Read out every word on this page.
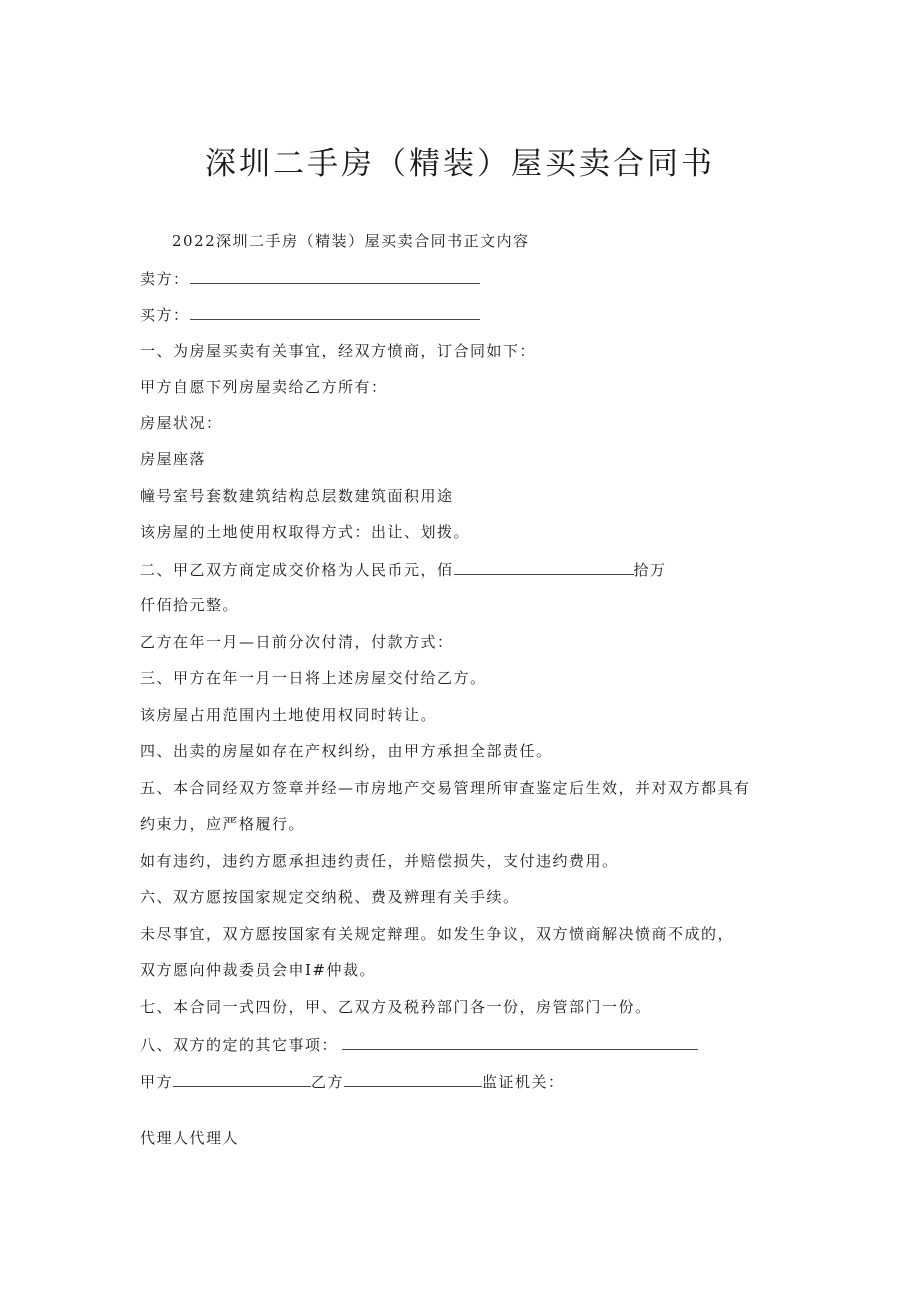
深圳二手房（精装）屋买卖合同书
2022深圳二手房（精装）屋买卖合同书正文内容
卖方：
买方：
一、为房屋买卖有关事宜，经双方愤商，订合同如下：
甲方自愿下列房屋卖给乙方所有：
房屋状况：
房屋座落
幢号室号套数建筑结构总层数建筑面积用途
该房屋的土地使用权取得方式：出让、划拨。
二、甲乙双方商定成交价格为人民币元，佰	拾万
仟佰拾元整。
乙方在年一月—日前分次付清，付款方式：
三、甲方在年一月一日将上述房屋交付给乙方。
该房屋占用范围内土地使用权同时转让。
四、出卖的房屋如存在产权纠纷，由甲方承担全部责任。
五、本合同经双方签章并经—市房地产交易管理所审查鉴定后生效，并对双方都具有
约束力，应严格履行。
如有违约，违约方愿承担违约责任，并赔偿损失，支付违约费用。
六、双方愿按国家规定交纳税、费及辨理有关手续。
未尽事宜，双方愿按国家有关规定辩理。如发生争议，双方愤商解决愤商不成的，
双方愿向仲裁委员会申I#仲裁。
七、本合同一式四份，甲、乙双方及税矜部门各一份，房管部门一份。
八、双方的定的其它事项：
甲方	乙方	监证机关：
代理人代理人
